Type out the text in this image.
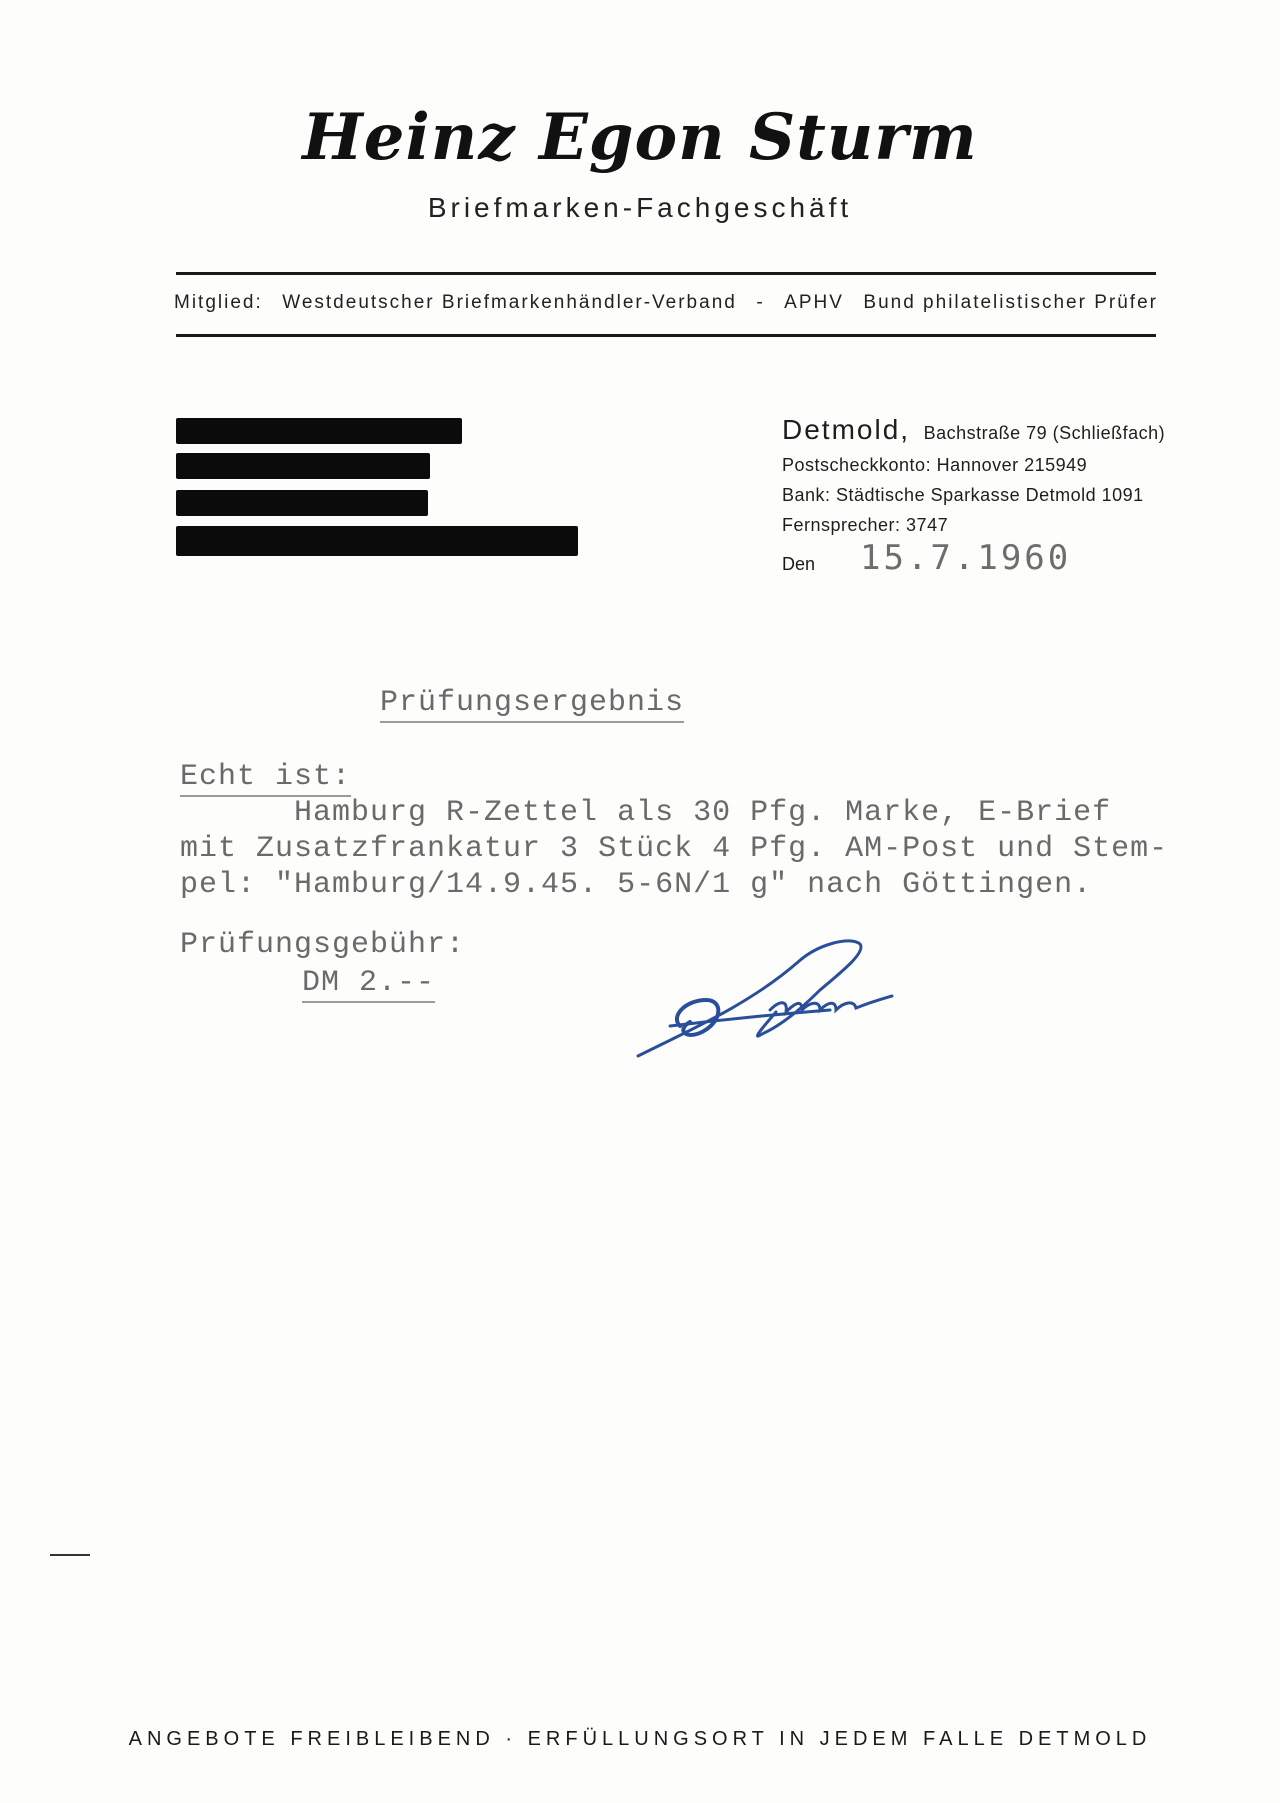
Heinz Egon Sturm
Briefmarken-Fachgeschäft
Mitglied: Westdeutscher Briefmarkenhändler-Verband - APHV Bund philatelistischer Prüfer
Detmold, Bachstraße 79 (Schließfach)
Postscheckkonto: Hannover 215949
Bank: Städtische Sparkasse Detmold 1091
Fernsprecher: 3747
Den 15.7.1960
Prüfungsergebnis
Echt ist:
Hamburg R-Zettel als 30 Pfg. Marke, E-Brief
mit Zusatzfrankatur 3 Stück 4 Pfg. AM-Post und Stem-
pel: "Hamburg/14.9.45. 5-6N/1 g" nach Göttingen.
Prüfungsgebühr:
DM 2.--
ANGEBOTE FREIBLEIBEND · ERFÜLLUNGSORT IN JEDEM FALLE DETMOLD
